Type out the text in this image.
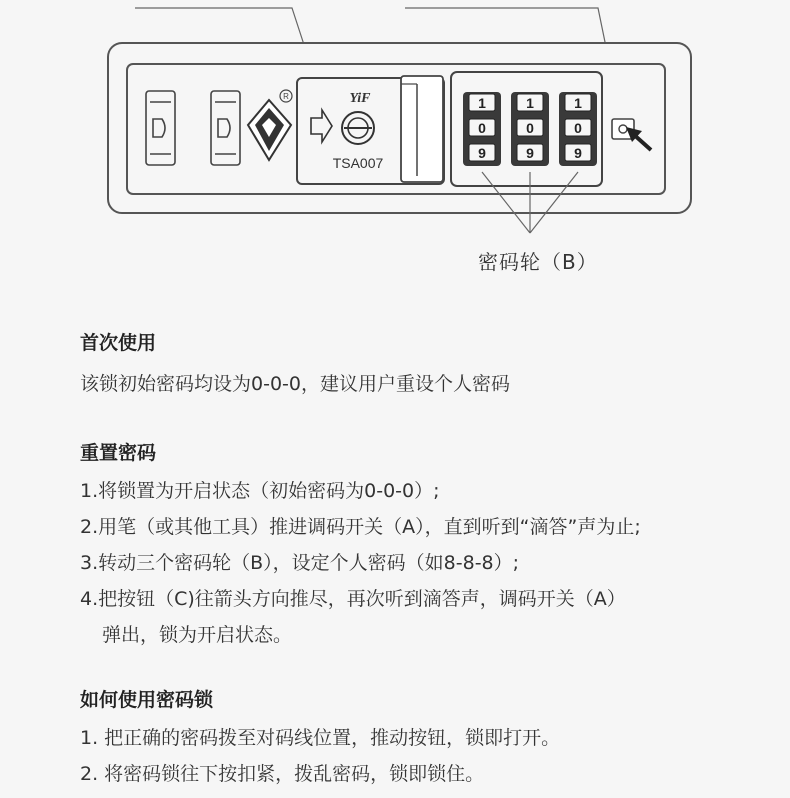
R	YiF
TSA007
1
0
9
1
0
9
1
0
9
密码轮（B）

首次使用

该锁初始密码均设为0-0-0，建议用户重设个人密码

重置密码

1.将锁置为开启状态（初始密码为0-0-0）;

2.用笔（或其他工具）推进调码开关（A），直到听到“滴答”声为止;

3.转动三个密码轮（B），设定个人密码（如8-8-8）;

4.把按钮（C)往箭头方向推尽，再次听到滴答声，调码开关（A）

弹出，锁为开启状态。

如何使用密码锁

1. 把正确的密码拨至对码线位置，推动按钮，锁即打开。

2. 将密码锁往下按扣紧，拨乱密码，锁即锁住。
